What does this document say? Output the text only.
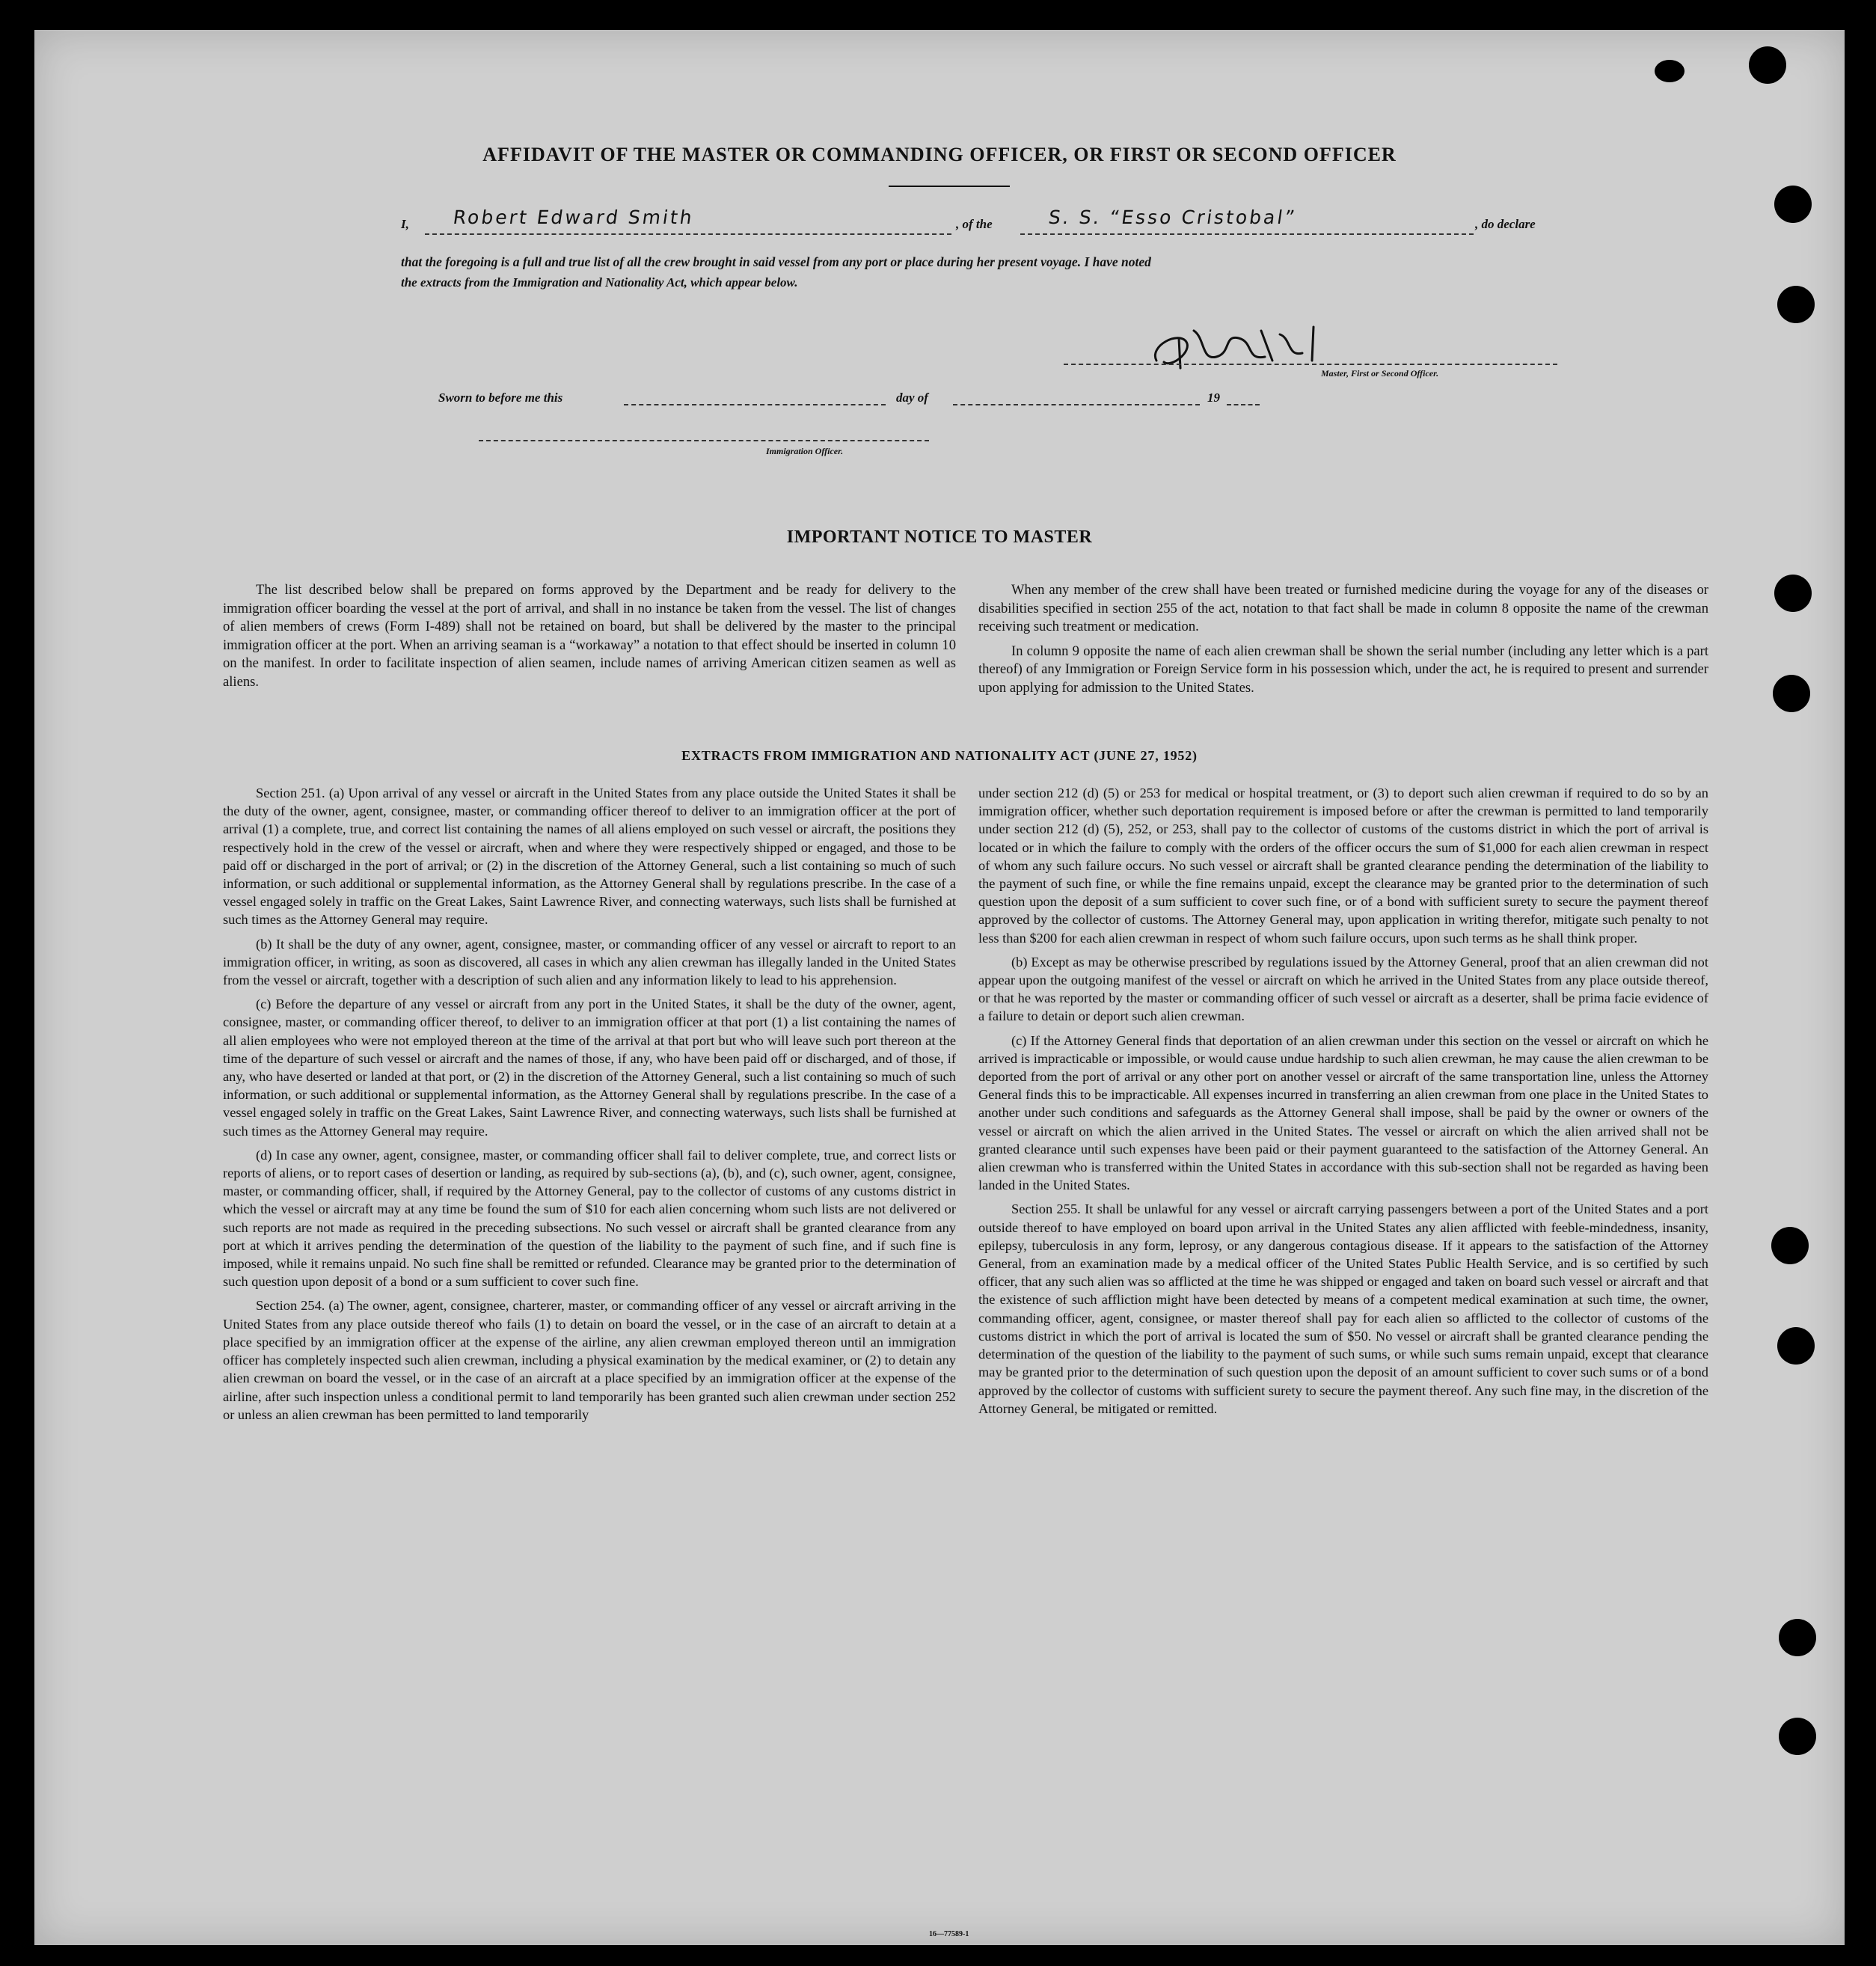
AFFIDAVIT OF THE MASTER OR COMMANDING OFFICER, OR FIRST OR SECOND OFFICER
I, Robert Edward Smith	, of the	S. S. “Esso Cristobal”	, do declare
that the foregoing is a full and true list of all the crew brought in said vessel from any port or place during her present voyage. I have noted
the extracts from the Immigration and Nationality Act, which appear below.
Master, First or Second Officer.
Sworn to before me this	day of	19
Immigration Officer.
IMPORTANT NOTICE TO MASTER

The list described below shall be prepared on forms approved by the Department and be ready for delivery to the immigration officer boarding the vessel at the port of arrival, and shall in no instance be taken from the vessel. The list of changes of alien members of crews (Form I-489) shall not be retained on board, but shall be delivered by the master to the principal immigration officer at the port. When an arriving seaman is a “workaway” a notation to that effect should be inserted in column 10 on the manifest. In order to facilitate inspection of alien seamen, include names of arriving American citizen seamen as well as aliens.

When any member of the crew shall have been treated or furnished medicine during the voyage for any of the diseases or disabilities specified in section 255 of the act, notation to that fact shall be made in column 8 opposite the name of the crewman receiving such treatment or medication.

In column 9 opposite the name of each alien crewman shall be shown the serial number (including any letter which is a part thereof) of any Immigration or Foreign Service form in his possession which, under the act, he is required to present and surrender upon applying for admission to the United States.

EXTRACTS FROM IMMIGRATION AND NATIONALITY ACT (JUNE 27, 1952)

Section 251. (a) Upon arrival of any vessel or aircraft in the United States from any place outside the United States it shall be the duty of the owner, agent, consignee, master, or commanding officer thereof to deliver to an immigration officer at the port of arrival (1) a complete, true, and correct list containing the names of all aliens employed on such vessel or aircraft, the positions they respectively hold in the crew of the vessel or aircraft, when and where they were respectively shipped or engaged, and those to be paid off or discharged in the port of arrival; or (2) in the discretion of the Attorney General, such a list containing so much of such information, or such additional or supplemental information, as the Attorney General shall by regulations prescribe. In the case of a vessel engaged solely in traffic on the Great Lakes, Saint Lawrence River, and connecting waterways, such lists shall be furnished at such times as the Attorney General may require.

(b) It shall be the duty of any owner, agent, consignee, master, or commanding officer of any vessel or aircraft to report to an immigration officer, in writing, as soon as discovered, all cases in which any alien crewman has illegally landed in the United States from the vessel or aircraft, together with a description of such alien and any information likely to lead to his apprehension.

(c) Before the departure of any vessel or aircraft from any port in the United States, it shall be the duty of the owner, agent, consignee, master, or commanding officer thereof, to deliver to an immigration officer at that port (1) a list containing the names of all alien employees who were not employed thereon at the time of the arrival at that port but who will leave such port thereon at the time of the departure of such vessel or aircraft and the names of those, if any, who have been paid off or discharged, and of those, if any, who have deserted or landed at that port, or (2) in the discretion of the Attorney General, such a list containing so much of such information, or such additional or supplemental information, as the Attorney General shall by regulations prescribe. In the case of a vessel engaged solely in traffic on the Great Lakes, Saint Lawrence River, and connecting waterways, such lists shall be furnished at such times as the Attorney General may require.

(d) In case any owner, agent, consignee, master, or commanding officer shall fail to deliver complete, true, and correct lists or reports of aliens, or to report cases of desertion or landing, as required by sub-sections (a), (b), and (c), such owner, agent, consignee, master, or commanding officer, shall, if required by the Attorney General, pay to the collector of customs of any customs district in which the vessel or aircraft may at any time be found the sum of $10 for each alien concerning whom such lists are not delivered or such reports are not made as required in the preceding subsections. No such vessel or aircraft shall be granted clearance from any port at which it arrives pending the determination of the question of the liability to the payment of such fine, and if such fine is imposed, while it remains unpaid. No such fine shall be remitted or refunded. Clearance may be granted prior to the determination of such question upon deposit of a bond or a sum sufficient to cover such fine.

Section 254. (a) The owner, agent, consignee, charterer, master, or commanding officer of any vessel or aircraft arriving in the United States from any place outside thereof who fails (1) to detain on board the vessel, or in the case of an aircraft to detain at a place specified by an immigration officer at the expense of the airline, any alien crewman employed thereon until an immigration officer has completely inspected such alien crewman, including a physical examination by the medical examiner, or (2) to detain any alien crewman on board the vessel, or in the case of an aircraft at a place specified by an immigration officer at the expense of the airline, after such inspection unless a conditional permit to land temporarily has been granted such alien crewman under section 252 or unless an alien crewman has been permitted to land temporarily

under section 212 (d) (5) or 253 for medical or hospital treatment, or (3) to deport such alien crewman if required to do so by an immigration officer, whether such deportation requirement is imposed before or after the crewman is permitted to land temporarily under section 212 (d) (5), 252, or 253, shall pay to the collector of customs of the customs district in which the port of arrival is located or in which the failure to comply with the orders of the officer occurs the sum of $1,000 for each alien crewman in respect of whom any such failure occurs. No such vessel or aircraft shall be granted clearance pending the determination of the liability to the payment of such fine, or while the fine remains unpaid, except the clearance may be granted prior to the determination of such question upon the deposit of a sum sufficient to cover such fine, or of a bond with sufficient surety to secure the payment thereof approved by the collector of customs. The Attorney General may, upon application in writing therefor, mitigate such penalty to not less than $200 for each alien crewman in respect of whom such failure occurs, upon such terms as he shall think proper.

(b) Except as may be otherwise prescribed by regulations issued by the Attorney General, proof that an alien crewman did not appear upon the outgoing manifest of the vessel or aircraft on which he arrived in the United States from any place outside thereof, or that he was reported by the master or commanding officer of such vessel or aircraft as a deserter, shall be prima facie evidence of a failure to detain or deport such alien crewman.

(c) If the Attorney General finds that deportation of an alien crewman under this section on the vessel or aircraft on which he arrived is impracticable or impossible, or would cause undue hardship to such alien crewman, he may cause the alien crewman to be deported from the port of arrival or any other port on another vessel or aircraft of the same transportation line, unless the Attorney General finds this to be impracticable. All expenses incurred in transferring an alien crewman from one place in the United States to another under such conditions and safeguards as the Attorney General shall impose, shall be paid by the owner or owners of the vessel or aircraft on which the alien arrived in the United States. The vessel or aircraft on which the alien arrived shall not be granted clearance until such expenses have been paid or their payment guaranteed to the satisfaction of the Attorney General. An alien crewman who is transferred within the United States in accordance with this sub-section shall not be regarded as having been landed in the United States.

Section 255. It shall be unlawful for any vessel or aircraft carrying passengers between a port of the United States and a port outside thereof to have employed on board upon arrival in the United States any alien afflicted with feeble-mindedness, insanity, epilepsy, tuberculosis in any form, leprosy, or any dangerous contagious disease. If it appears to the satisfaction of the Attorney General, from an examination made by a medical officer of the United States Public Health Service, and is so certified by such officer, that any such alien was so afflicted at the time he was shipped or engaged and taken on board such vessel or aircraft and that the existence of such affliction might have been detected by means of a competent medical examination at such time, the owner, commanding officer, agent, consignee, or master thereof shall pay for each alien so afflicted to the collector of customs of the customs district in which the port of arrival is located the sum of $50. No vessel or aircraft shall be granted clearance pending the determination of the question of the liability to the payment of such sums, or while such sums remain unpaid, except that clearance may be granted prior to the determination of such question upon the deposit of an amount sufficient to cover such sums or of a bond approved by the collector of customs with sufficient surety to secure the payment thereof. Any such fine may, in the discretion of the Attorney General, be mitigated or remitted.

16—77589-1
